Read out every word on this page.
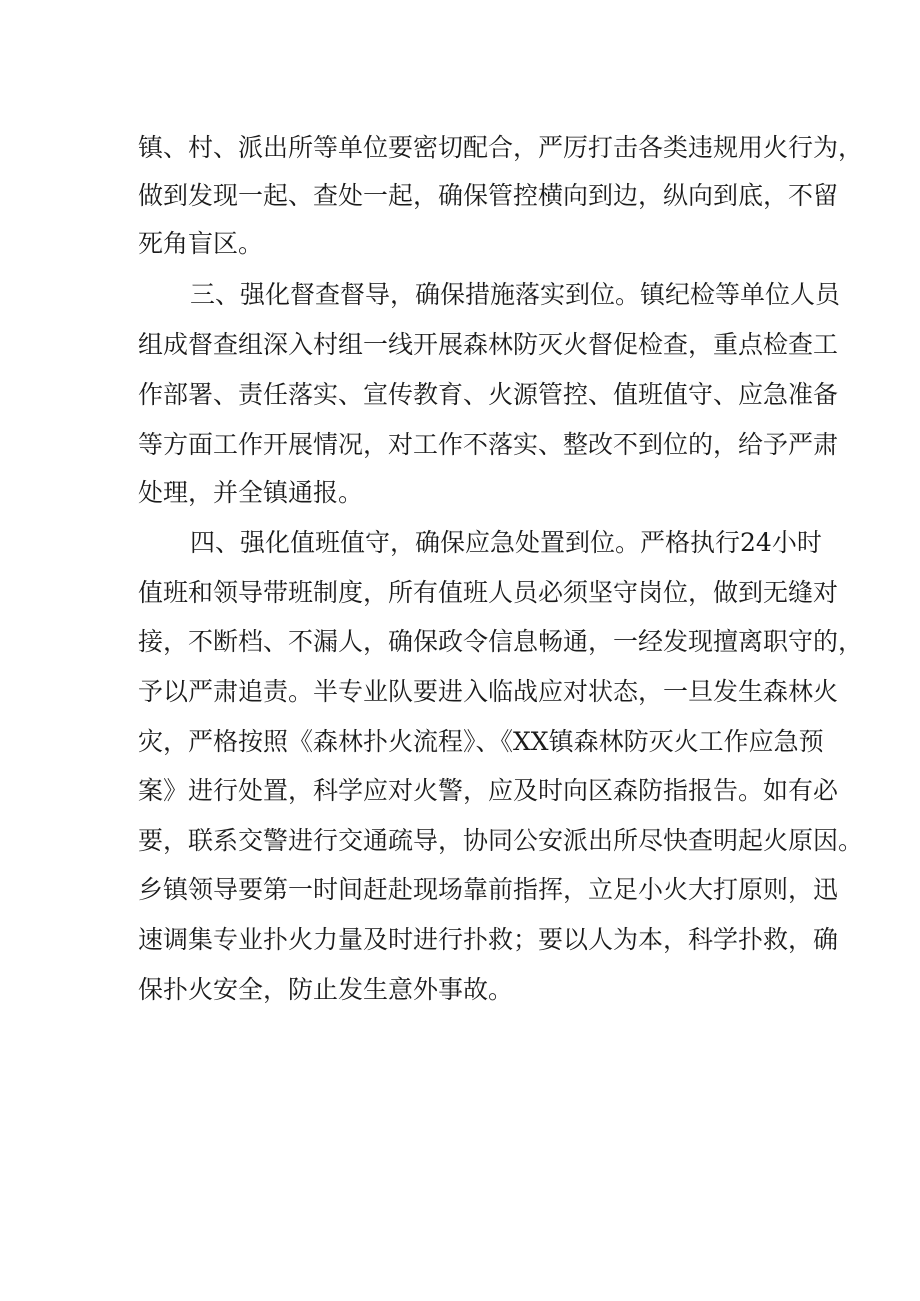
镇、村、派出所等单位要密切配合，严厉打击各类违规用火行为，
做到发现一起、查处一起，确保管控横向到边，纵向到底，不留
死角盲区。
三、强化督查督导，确保措施落实到位。镇纪检等单位人员
组成督查组深入村组一线开展森林防灭火督促检查，重点检查工
作部署、责任落实、宣传教育、火源管控、值班值守、应急准备
等方面工作开展情况，对工作不落实、整改不到位的，给予严肃
处理，并全镇通报。
四、强化值班值守，确保应急处置到位。严格执行24小时
值班和领导带班制度，所有值班人员必须坚守岗位，做到无缝对
接，不断档、不漏人，确保政令信息畅通，一经发现擅离职守的，
予以严肃追责。半专业队要进入临战应对状态，一旦发生森林火
灾，严格按照《森林扑火流程》、《XX镇森林防灭火工作应急预
案》进行处置，科学应对火警，应及时向区森防指报告。如有必
要，联系交警进行交通疏导，协同公安派出所尽快查明起火原因。
乡镇领导要第一时间赶赴现场靠前指挥，立足小火大打原则，迅
速调集专业扑火力量及时进行扑救；要以人为本，科学扑救，确
保扑火安全，防止发生意外事故。
